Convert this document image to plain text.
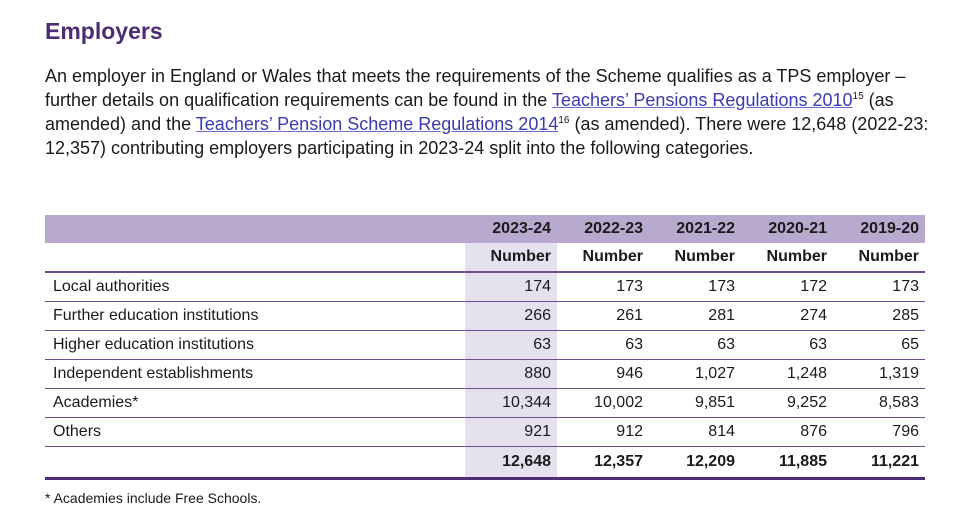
Employers

An employer in England or Wales that meets the requirements of the Scheme qualifies as a TPS employer – further details on qualification requirements can be found in the Teachers’ Pensions Regulations 2010$^{15}$ (as amended) and the Teachers’ Pension Scheme Regulations 2014$^{16}$ (as amended). There were 12,648 (2022-23: 12,357) contributing employers participating in 2023-24 split into the following categories.

	2023-24	2022-23	2021-22	2020-21	2019-20
	Number	Number	Number	Number	Number
Local authorities	174	173	173	172	173
Further education institutions	266	261	281	274	285
Higher education institutions	63	63	63	63	65
Independent establishments	880	946	1,027	1,248	1,319
Academies*	10,344	10,002	9,851	9,252	8,583
Others	921	912	814	876	796
	12,648	12,357	12,209	11,885	11,221

* Academies include Free Schools.
